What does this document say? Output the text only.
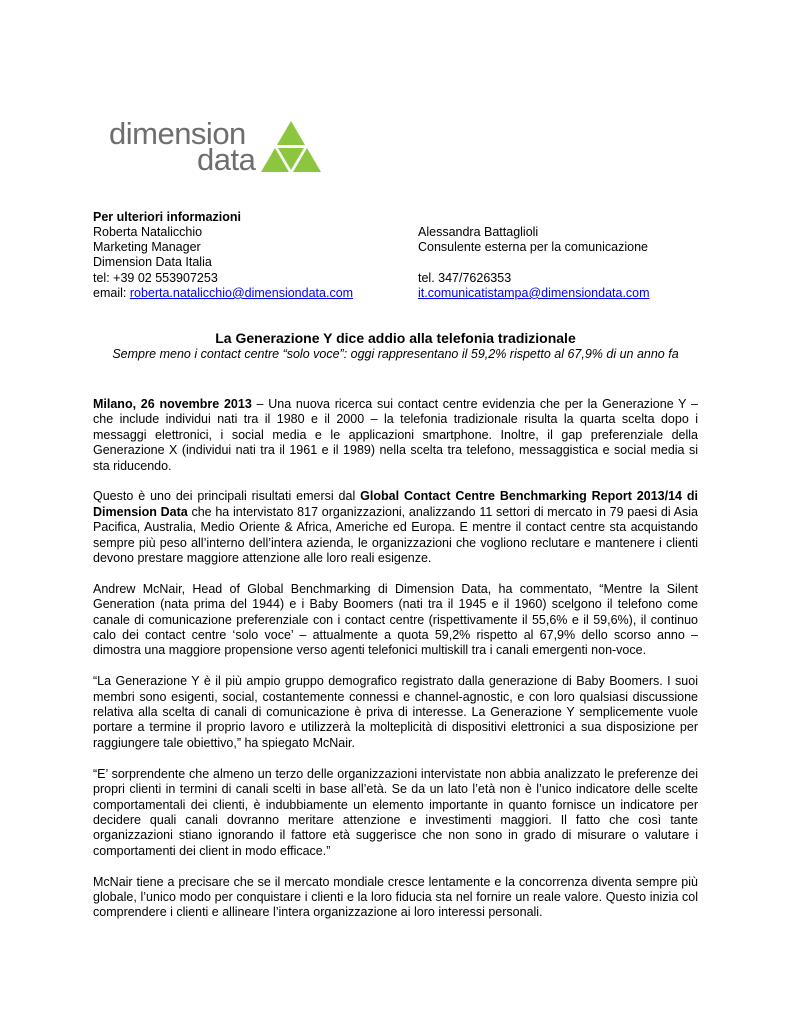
dimension
data
Per ulteriori informazioni
Roberta Natalicchio
Marketing Manager
Dimension Data Italia
tel: +39 02 553907253
email: roberta.natalicchio@dimensiondata.com
Alessandra Battaglioli
Consulente esterna per la comunicazione

tel. 347/7626353
it.comunicatistampa@dimensiondata.com
La Generazione Y dice addio alla telefonia tradizionale
Sempre meno i contact centre “solo voce”: oggi rappresentano il 59,2% rispetto al 67,9% di un anno fa

Milano, 26 novembre 2013 – Una nuova ricerca sui contact centre evidenzia che per la Generazione Y – che include individui nati tra il 1980 e il 2000 – la telefonia tradizionale risulta la quarta scelta dopo i messaggi elettronici, i social media e le applicazioni smartphone. Inoltre, il gap preferenziale della Generazione X (individui nati tra il 1961 e il 1989) nella scelta tra telefono, messaggistica e social media si sta riducendo.

Questo è uno dei principali risultati emersi dal Global Contact Centre Benchmarking Report 2013/14 di Dimension Data che ha intervistato 817 organizzazioni, analizzando 11 settori di mercato in 79 paesi di Asia Pacifica, Australia, Medio Oriente & Africa, Americhe ed Europa. E mentre il contact centre sta acquistando sempre più peso all’interno dell’intera azienda, le organizzazioni che vogliono reclutare e mantenere i clienti devono prestare maggiore attenzione alle loro reali esigenze.

Andrew McNair, Head of Global Benchmarking di Dimension Data, ha commentato, “Mentre la Silent Generation (nata prima del 1944) e i Baby Boomers (nati tra il 1945 e il 1960) scelgono il telefono come canale di comunicazione preferenziale con i contact centre (rispettivamente il 55,6% e il 59,6%), il continuo calo dei contact centre ‘solo voce’ – attualmente a quota 59,2% rispetto al 67,9% dello scorso anno – dimostra una maggiore propensione verso agenti telefonici multiskill tra i canali emergenti non-voce.

“La Generazione Y è il più ampio gruppo demografico registrato dalla generazione di Baby Boomers. I suoi membri sono esigenti, social, costantemente connessi e channel-agnostic, e con loro qualsiasi discussione relativa alla scelta di canali di comunicazione è priva di interesse. La Generazione Y semplicemente vuole portare a termine il proprio lavoro e utilizzerà la molteplicità di dispositivi elettronici a sua disposizione per raggiungere tale obiettivo,” ha spiegato McNair.

“E’ sorprendente che almeno un terzo delle organizzazioni intervistate non abbia analizzato le preferenze dei propri clienti in termini di canali scelti in base all’età. Se da un lato l’età non è l’unico indicatore delle scelte comportamentali dei clienti, è indubbiamente un elemento importante in quanto fornisce un indicatore per decidere quali canali dovranno meritare attenzione e investimenti maggiori. Il fatto che così tante organizzazioni stiano ignorando il fattore età suggerisce che non sono in grado di misurare o valutare i comportamenti dei client in modo efficace.”

McNair tiene a precisare che se il mercato mondiale cresce lentamente e la concorrenza diventa sempre più globale, l’unico modo per conquistare i clienti e la loro fiducia sta nel fornire un reale valore. Questo inizia col comprendere i clienti e allineare l’intera organizzazione ai loro interessi personali.
